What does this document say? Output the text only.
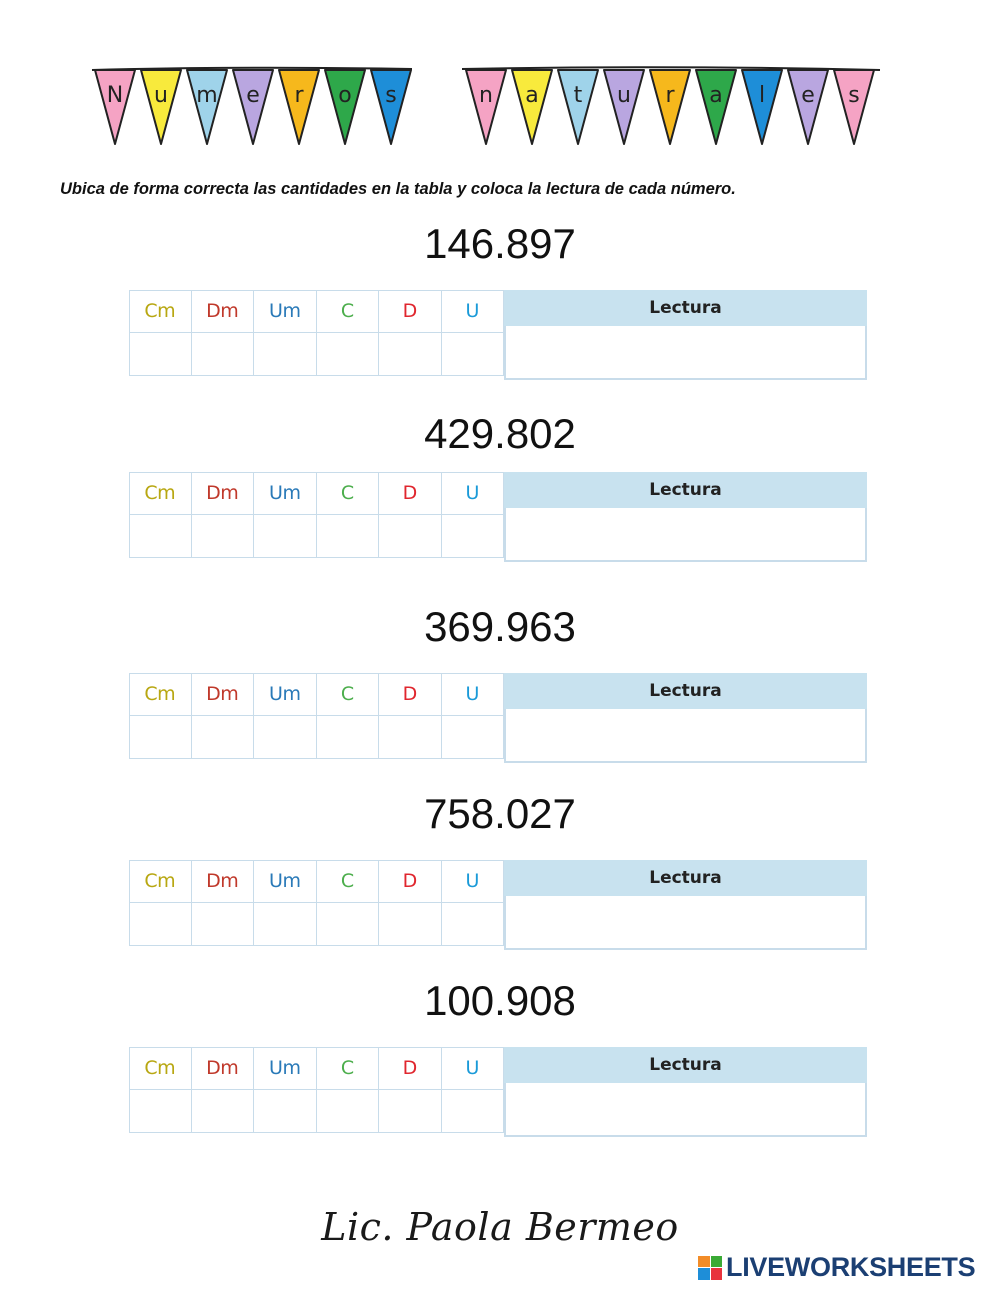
N u m e r o s	n a t u r a l e s
Ubica de forma correcta las cantidades en la tabla y coloca la lectura de cada número.
146.897
Cm	Dm	Um	C	D	U	Lectura
429.802
Cm	Dm	Um	C	D	U	Lectura
369.963
Cm	Dm	Um	C	D	U	Lectura
758.027
Cm	Dm	Um	C	D	U	Lectura
100.908
Cm	Dm	Um	C	D	U	Lectura
Lic. Paola Bermeo
LIVEWORKSHEETS
